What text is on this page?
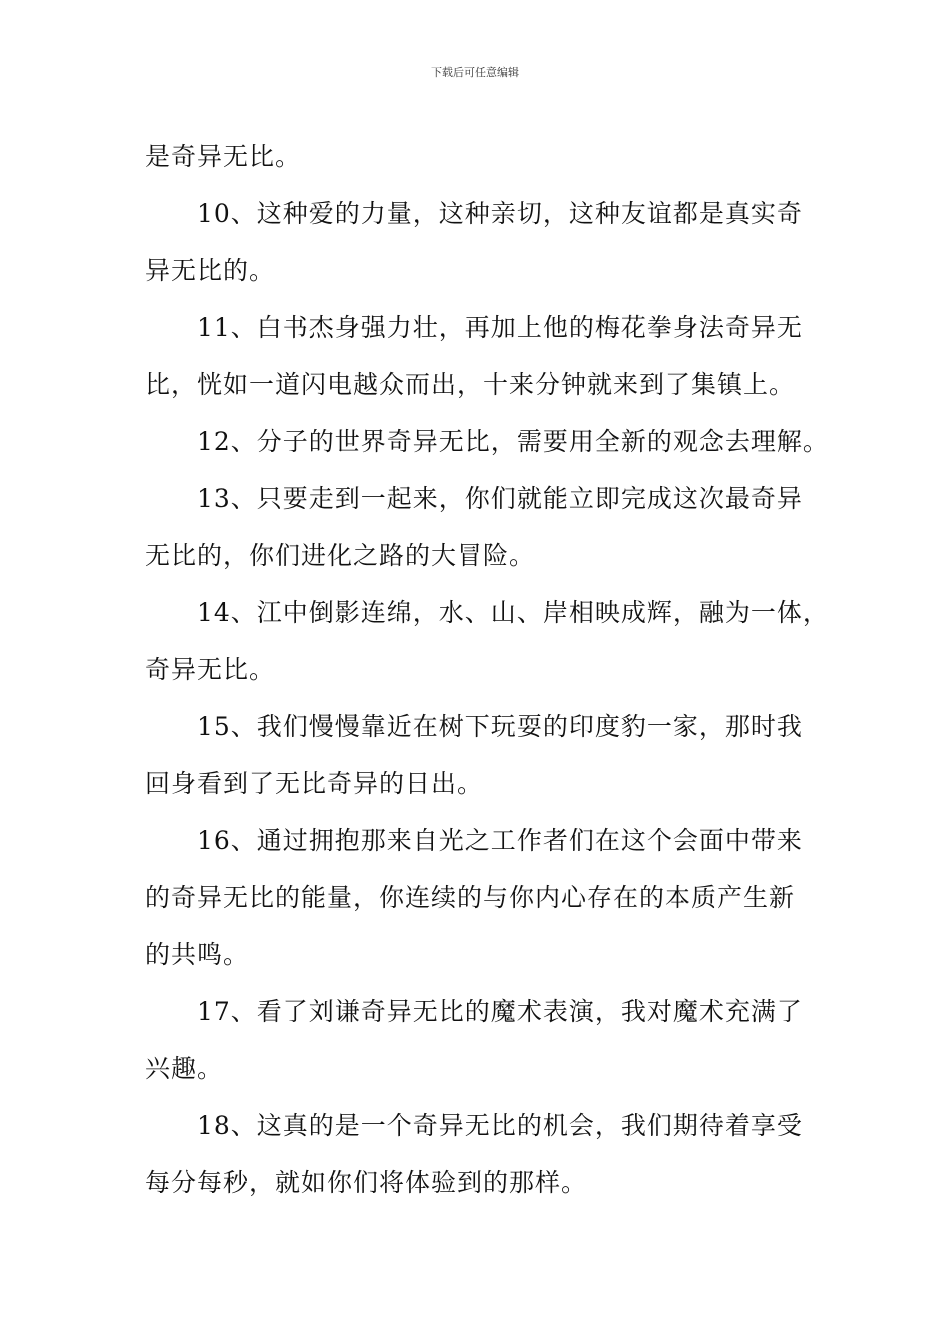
下载后可任意编辑

是奇异无比。

10、这种爱的力量，这种亲切，这种友谊都是真实奇
异无比的。

11、白书杰身强力壮，再加上他的梅花拳身法奇异无
比，恍如一道闪电越众而出，十来分钟就来到了集镇上。

12、分子的世界奇异无比，需要用全新的观念去理解。

13、只要走到一起来，你们就能立即完成这次最奇异
无比的，你们进化之路的大冒险。

14、江中倒影连绵，水、山、岸相映成辉，融为一体，
奇异无比。

15、我们慢慢靠近在树下玩耍的印度豹一家，那时我
回身看到了无比奇异的日出。

16、通过拥抱那来自光之工作者们在这个会面中带来
的奇异无比的能量，你连续的与你内心存在的本质产生新
的共鸣。

17、看了刘谦奇异无比的魔术表演，我对魔术充满了
兴趣。

18、这真的是一个奇异无比的机会，我们期待着享受
每分每秒，就如你们将体验到的那样。
